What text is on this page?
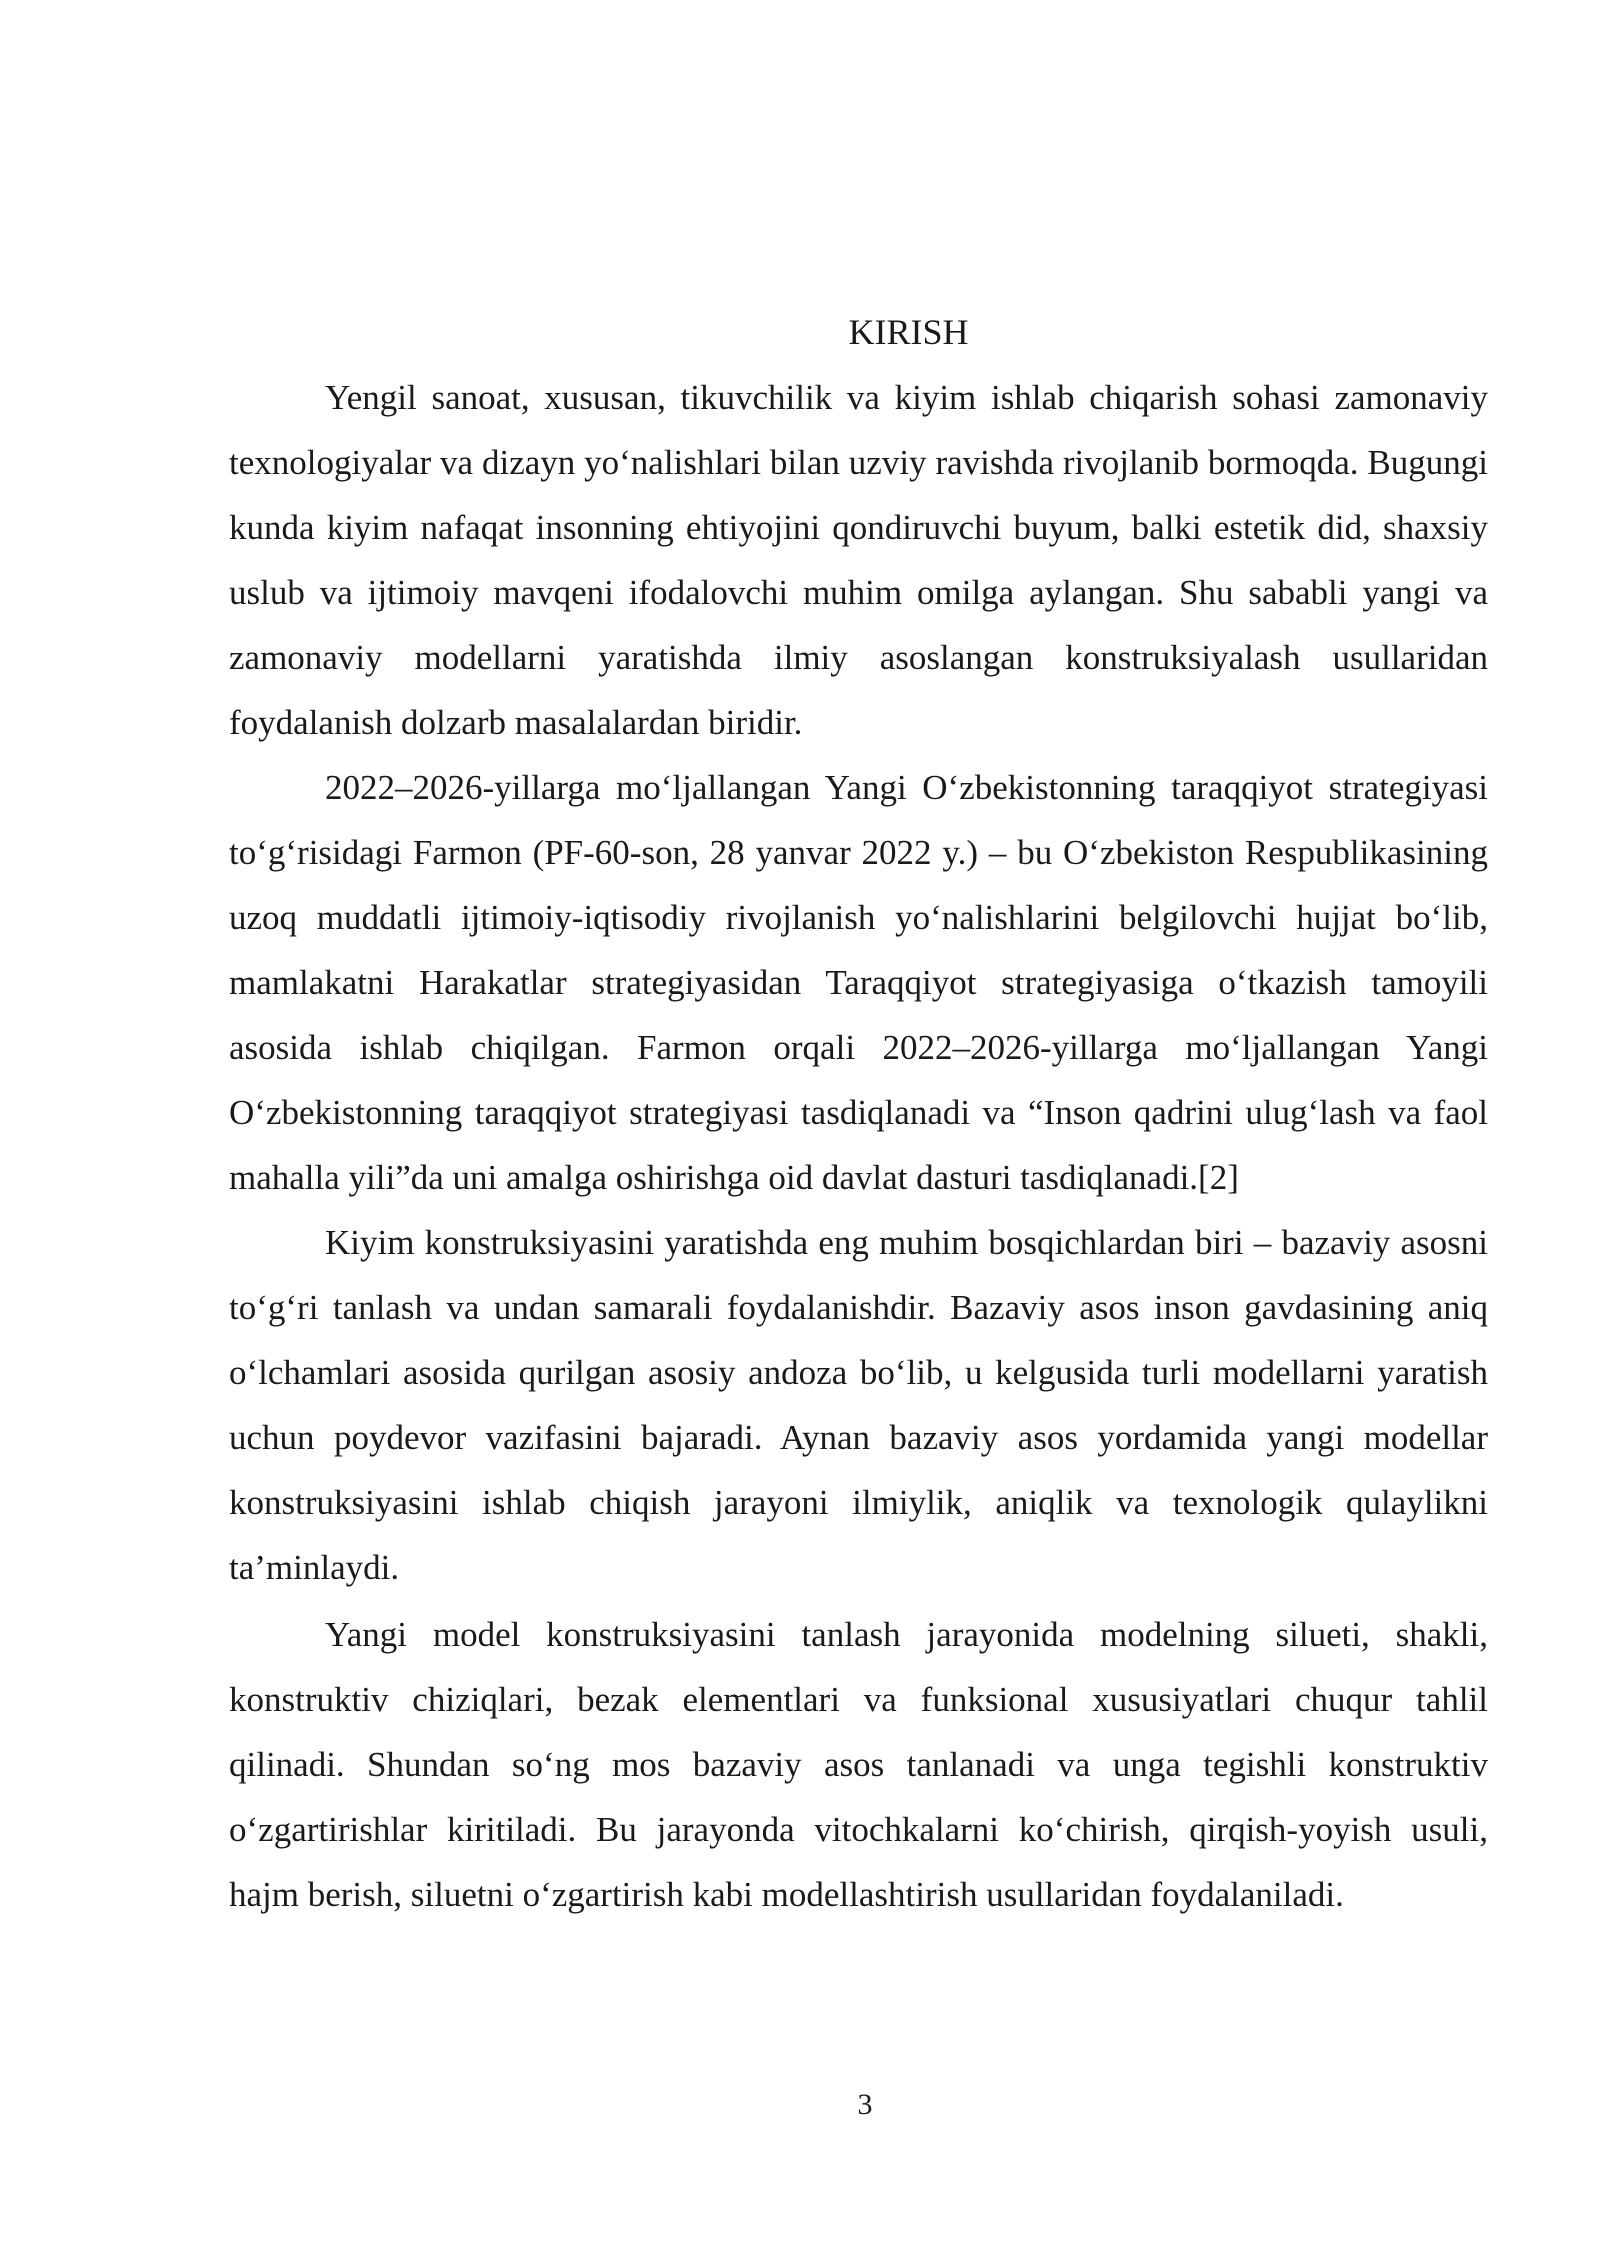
KIRISH

Yengil sanoat, xususan, tikuvchilik va kiyim ishlab chiqarish sohasi zamonaviy texnologiyalar va dizayn yo‘nalishlari bilan uzviy ravishda rivojlanib bormoqda. Bugungi kunda kiyim nafaqat insonning ehtiyojini qondiruvchi buyum, balki estetik did, shaxsiy uslub va ijtimoiy mavqeni ifodalovchi muhim omilga aylangan. Shu sababli yangi va zamonaviy modellarni yaratishda ilmiy asoslangan konstruksiyalash usullaridan foydalanish dolzarb masalalardan biridir.

2022–2026-yillarga mo‘ljallangan Yangi O‘zbekistonning taraqqiyot strategiyasi to‘g‘risidagi Farmon (PF-60-son, 28 yanvar 2022 y.) – bu O‘zbekiston Respublikasining uzoq muddatli ijtimoiy-iqtisodiy rivojlanish yo‘nalishlarini belgilovchi hujjat bo‘lib, mamlakatni Harakatlar strategiyasidan Taraqqiyot strategiyasiga o‘tkazish tamoyili asosida ishlab chiqilgan. Farmon orqali 2022–2026-yillarga mo‘ljallangan Yangi O‘zbekistonning taraqqiyot strategiyasi tasdiqlanadi va “Inson qadrini ulug‘lash va faol mahalla yili”da uni amalga oshirishga oid davlat dasturi tasdiqlanadi.[2]

Kiyim konstruksiyasini yaratishda eng muhim bosqichlardan biri – bazaviy asosni to‘g‘ri tanlash va undan samarali foydalanishdir. Bazaviy asos inson gavdasining aniq o‘lchamlari asosida qurilgan asosiy andoza bo‘lib, u kelgusida turli modellarni yaratish uchun poydevor vazifasini bajaradi. Aynan bazaviy asos yordamida yangi modellar konstruksiyasini ishlab chiqish jarayoni ilmiylik, aniqlik va texnologik qulaylikni ta’minlaydi.

Yangi model konstruksiyasini tanlash jarayonida modelning silueti, shakli, konstruktiv chiziqlari, bezak elementlari va funksional xususiyatlari chuqur tahlil qilinadi. Shundan so‘ng mos bazaviy asos tanlanadi va unga tegishli konstruktiv o‘zgartirishlar kiritiladi. Bu jarayonda vitochkalarni ko‘chirish, qirqish-yoyish usuli, hajm berish, siluetni o‘zgartirish kabi modellashtirish usullaridan foydalaniladi.

3
